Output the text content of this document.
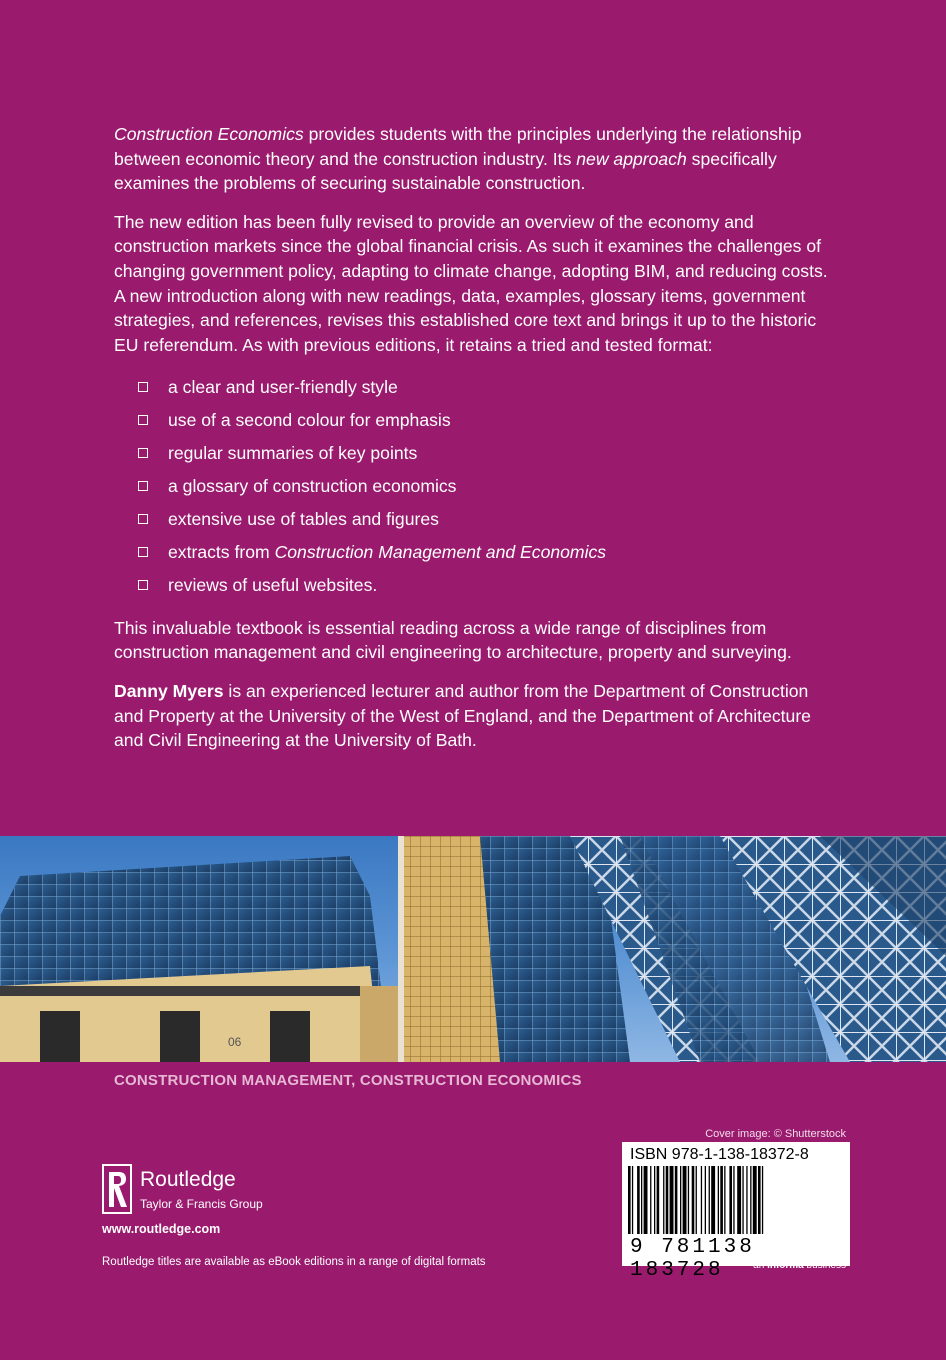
Construction Economics provides students with the principles underlying the relationship between economic theory and the construction industry. Its new approach specifically examines the problems of securing sustainable construction.

The new edition has been fully revised to provide an overview of the economy and construction markets since the global financial crisis. As such it examines the challenges of changing government policy, adapting to climate change, adopting BIM, and reducing costs. A new introduction along with new readings, data, examples, glossary items, government strategies, and references, revises this established core text and brings it up to the historic EU referendum. As with previous editions, it retains a tried and tested format:

a clear and user-friendly style
use of a second colour for emphasis
regular summaries of key points
a glossary of construction economics
extensive use of tables and figures
extracts from Construction Management and Economics
reviews of useful websites.

This invaluable textbook is essential reading across a wide range of disciplines from construction management and civil engineering to architecture, property and surveying.

Danny Myers is an experienced lecturer and author from the Department of Construction and Property at the University of the West of England, and the Department of Architecture and Civil Engineering at the University of Bath.

06
CONSTRUCTION MANAGEMENT, CONSTRUCTION ECONOMICS
Cover image: © Shutterstock
ISBN 978-1-138-18372-8
9 781138 183728	an informa business
Routledge
Taylor & Francis Group
www.routledge.com
Routledge titles are available as eBook editions in a range of digital formats
